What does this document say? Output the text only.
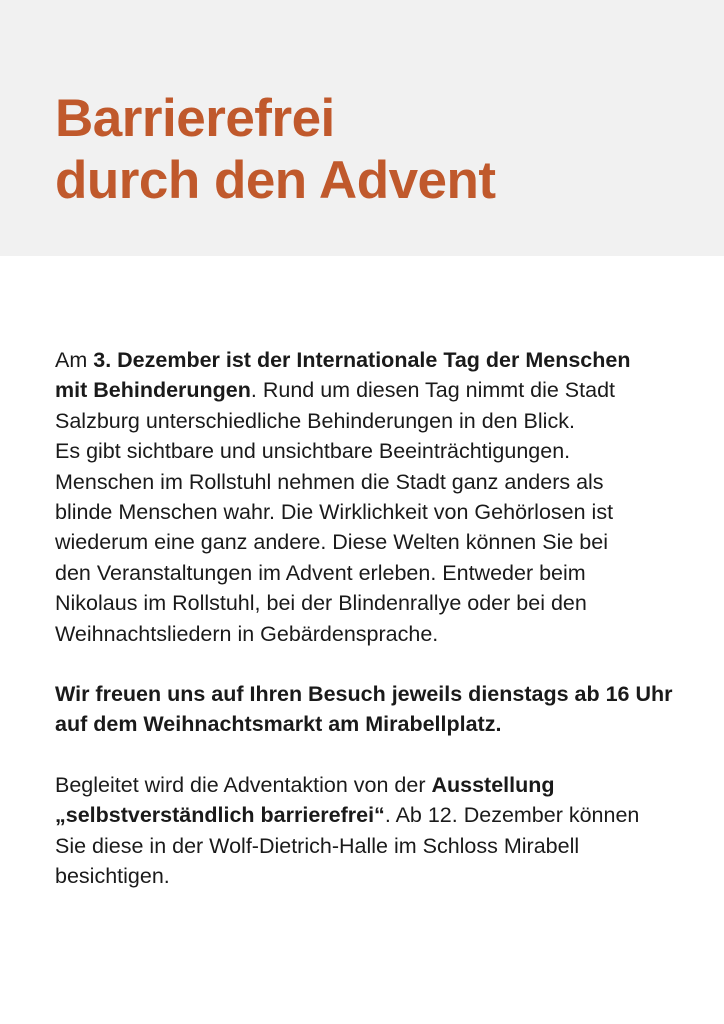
Barrierefrei
durch den Advent

Am 3. Dezember ist der Internationale Tag der Menschen
mit Behinderungen. Rund um diesen Tag nimmt die Stadt
Salzburg unterschiedliche Behinderungen in den Blick.
Es gibt sichtbare und unsichtbare Beeinträchtigungen.
Menschen im Rollstuhl nehmen die Stadt ganz anders als
blinde Menschen wahr. Die Wirklichkeit von Gehörlosen ist
wiederum eine ganz andere. Diese Welten können Sie bei
den Veranstaltungen im Advent erleben. Entweder beim
Nikolaus im Rollstuhl, bei der Blindenrallye oder bei den
Weihnachtsliedern in Gebärdensprache.

Wir freuen uns auf Ihren Besuch jeweils dienstags ab 16 Uhr
auf dem Weihnachtsmarkt am Mirabellplatz.

Begleitet wird die Adventaktion von der Ausstellung
„selbstverständlich barrierefrei“. Ab 12. Dezember können
Sie diese in der Wolf-Dietrich-Halle im Schloss Mirabell
besichtigen.
